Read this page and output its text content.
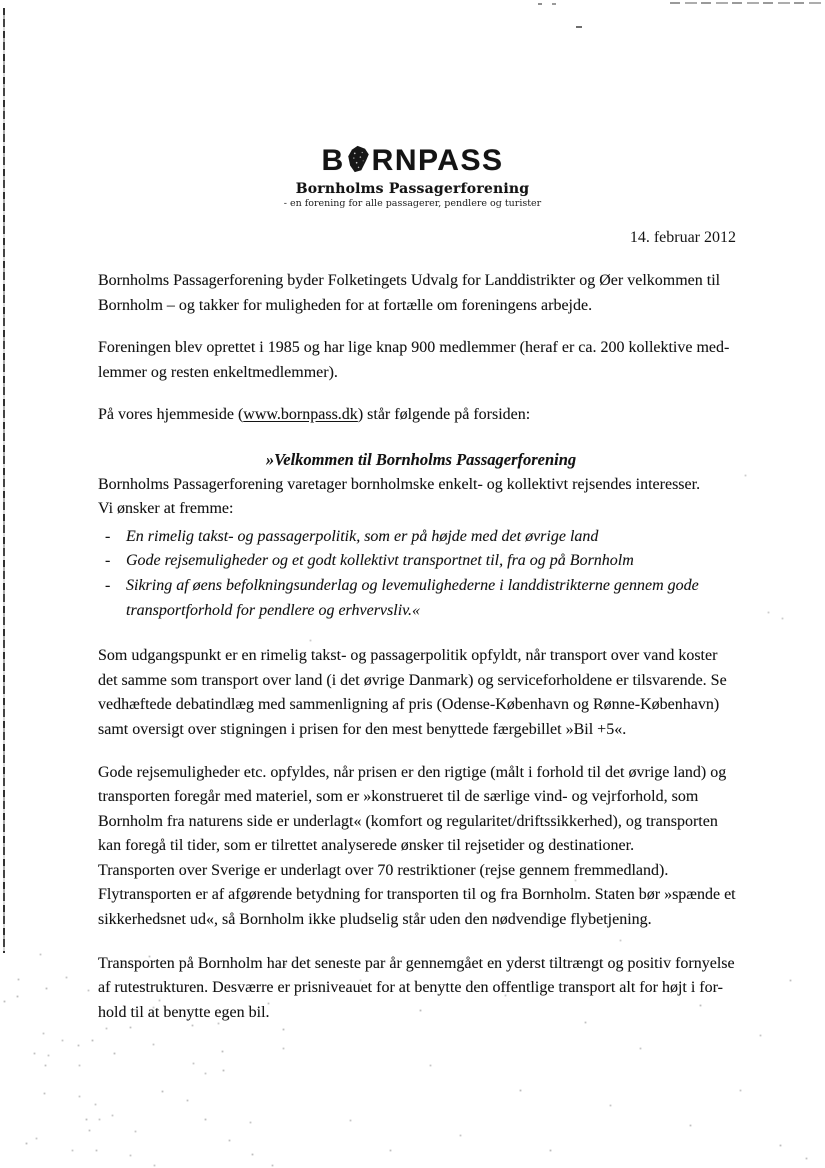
B RNPASS
Bornholms Passagerforening
- en forening for alle passagerer, pendlere og turister
14. februar 2012
Bornholms Passagerforening byder Folketingets Udvalg for Landdistrikter og Øer velkommen til
Bornholm – og takker for muligheden for at fortælle om foreningens arbejde.
Foreningen blev oprettet i 1985 og har lige knap 900 medlemmer (heraf er ca. 200 kollektive med-
lemmer og resten enkeltmedlemmer).
På vores hjemmeside (www.bornpass.dk) står følgende på forsiden:
»Velkommen til Bornholms Passagerforening
Bornholms Passagerforening varetager bornholmske enkelt- og kollektivt rejsendes interesser.
Vi ønsker at fremme:
- En rimelig takst- og passagerpolitik, som er på højde med det øvrige land
- Gode rejsemuligheder og et godt kollektivt transportnet til, fra og på Bornholm
- Sikring af øens befolkningsunderlag og levemulighederne i landdistrikterne gennem gode
transportforhold for pendlere og erhvervsliv.«
Som udgangspunkt er en rimelig takst- og passagerpolitik opfyldt, når transport over vand koster
det samme som transport over land (i det øvrige Danmark) og serviceforholdene er tilsvarende. Se
vedhæftede debatindlæg med sammenligning af pris (Odense-København og Rønne-København)
samt oversigt over stigningen i prisen for den mest benyttede færgebillet »Bil +5«.
Gode rejsemuligheder etc. opfyldes, når prisen er den rigtige (målt i forhold til det øvrige land) og
transporten foregår med materiel, som er »konstrueret til de særlige vind- og vejrforhold, som
Bornholm fra naturens side er underlagt« (komfort og regularitet/driftssikkerhed), og transporten
kan foregå til tider, som er tilrettet analyserede ønsker til rejsetider og destinationer.
Transporten over Sverige er underlagt over 70 restriktioner (rejse gennem fremmedland).
Flytransporten er af afgørende betydning for transporten til og fra Bornholm. Staten bør »spænde et
sikkerhedsnet ud«, så Bornholm ikke pludselig står uden den nødvendige flybetjening.
Transporten på Bornholm har det seneste par år gennemgået en yderst tiltrængt og positiv fornyelse
af rutestrukturen. Desværre er prisniveauet for at benytte den offentlige transport alt for højt i for-
hold til at benytte egen bil.
